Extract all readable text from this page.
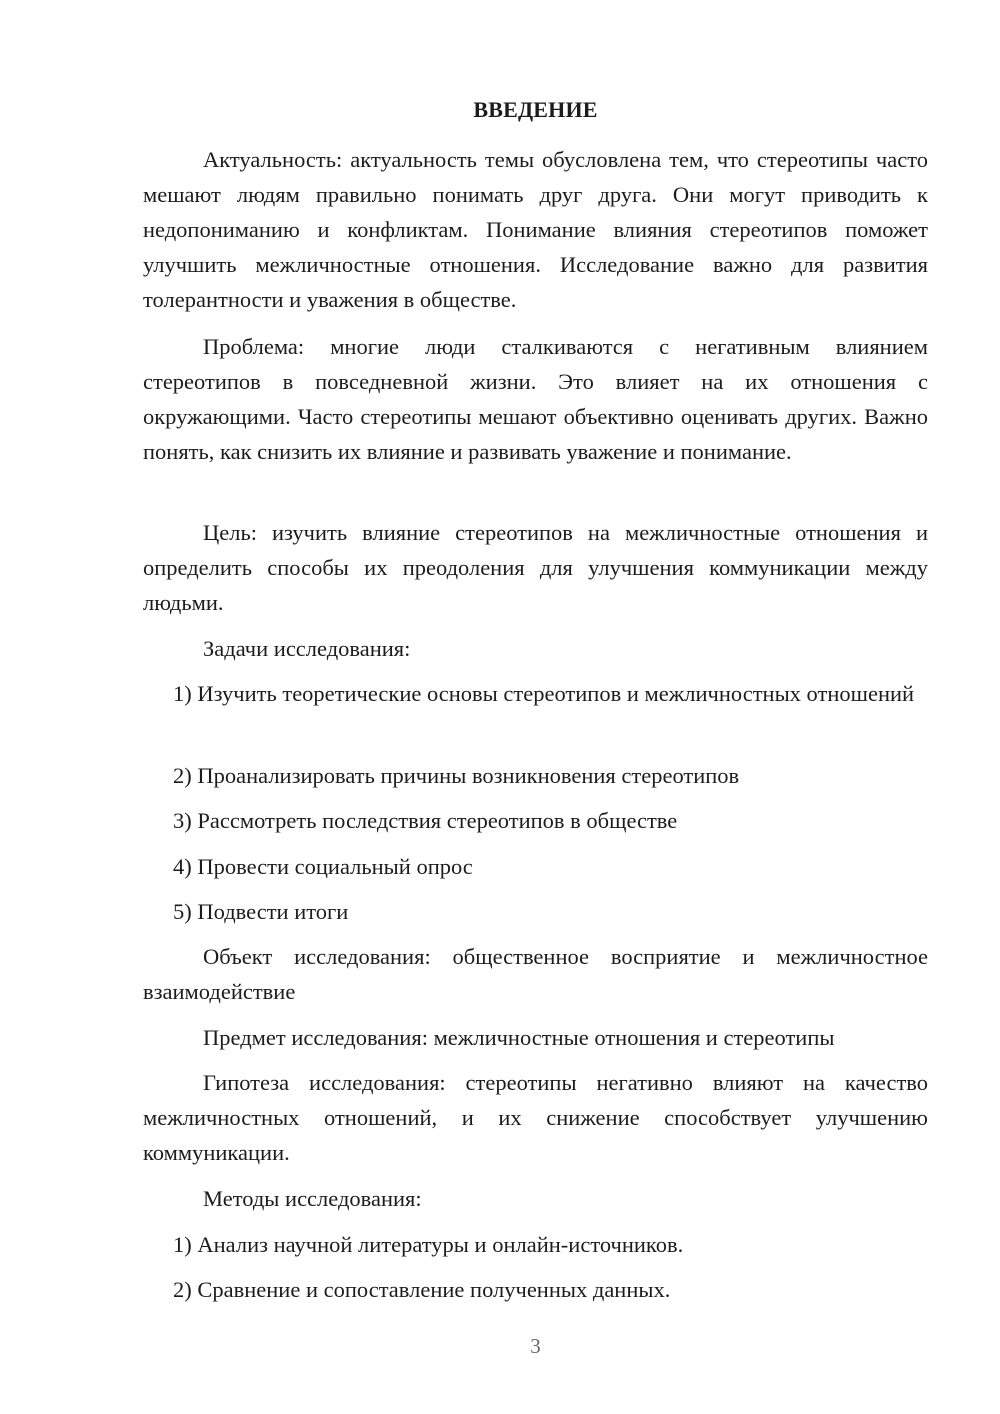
ВВЕДЕНИЕ

Актуальность: актуальность темы обусловлена тем, что стереотипы часто мешают людям правильно понимать друг друга. Они могут приводить к недопониманию и конфликтам. Понимание влияния стереотипов поможет улучшить межличностные отношения. Исследование важно для развития толерантности и уважения в обществе.

Проблема: многие люди сталкиваются с негативным влиянием стереотипов в повседневной жизни. Это влияет на их отношения с окружающими. Часто стереотипы мешают объективно оценивать других. Важно понять, как снизить их влияние и развивать уважение и понимание.

Цель: изучить влияние стереотипов на межличностные отношения и определить способы их преодоления для улучшения коммуникации между людьми.

Задачи исследования:

1) Изучить теоретические основы стереотипов и межличностных отношений

2) Проанализировать причины возникновения стереотипов

3) Рассмотреть последствия стереотипов в обществе

4) Провести социальный опрос

5) Подвести итоги

Объект исследования: общественное восприятие и межличностное взаимодействие

Предмет исследования: межличностные отношения и стереотипы

Гипотеза исследования: стереотипы негативно влияют на качество межличностных отношений, и их снижение способствует улучшению коммуникации.

Методы исследования:

1) Анализ научной литературы и онлайн-источников.

2) Сравнение и сопоставление полученных данных.

3
